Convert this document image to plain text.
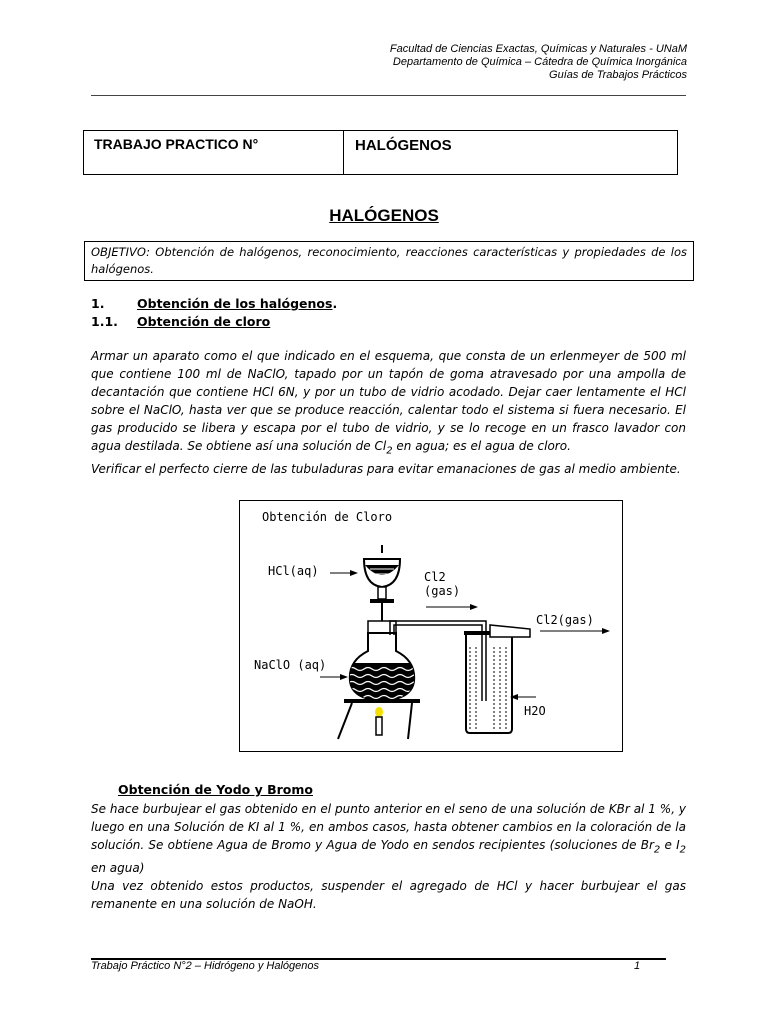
Facultad de Ciencias Exactas, Químicas y Naturales - UNaM
Departamento de Química – Cátedra de Química Inorgánica
Guías de Trabajos Prácticos
TRABAJO PRACTICO N°	HALÓGENOS
HALÓGENOS
OBJETIVO: Obtención de halógenos, reconocimiento, reacciones características y propiedades de los halógenos.
1.	Obtención de los halógenos.
1.1. Obtención de cloro
Armar un aparato como el que indicado en el esquema, que consta de un erlenmeyer de 500 ml que contiene 100 ml de NaClO, tapado por un tapón de goma atravesado por una ampolla de decantación que contiene HCl 6N, y por un tubo de vidrio acodado. Dejar caer lentamente el HCl sobre el NaClO, hasta ver que se produce reacción, calentar todo el sistema si fuera necesario. El gas producido se libera y escapa por el tubo de vidrio, y se lo recoge en un frasco lavador con agua destilada. Se obtiene así una solución de $Cl_2$ en agua; es el agua de cloro.
Verificar el perfecto cierre de las tubuladuras para evitar emanaciones de gas al medio ambiente.
Obtención de Cloro
HCl(aq)	Cl2
(gas)
Cl2(gas)
NaClO (aq)
H2O
Obtención de Yodo y Bromo
Se hace burbujear el gas obtenido en el punto anterior en el seno de una solución de KBr al 1 %, y luego en una Solución de KI al 1 %, en ambos casos, hasta obtener cambios en la coloración de la solución. Se obtiene Agua de Bromo y Agua de Yodo en sendos recipientes (soluciones de $Br_2$ e $I_2$ en agua)
Una vez obtenido estos productos, suspender el agregado de HCl y hacer burbujear el gas remanente en una solución de NaOH.
Trabajo Práctico N°2 – Hidrógeno y Halógenos	1
